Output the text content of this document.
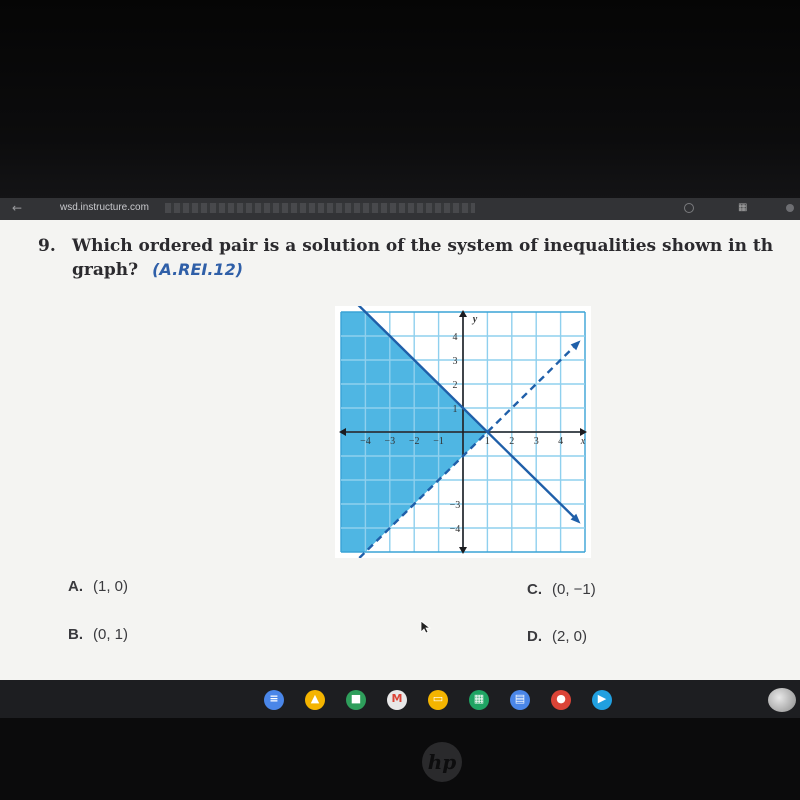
←	wsd.instructure.com	▦
9. Which ordered pair is a solution of the system of inequalities shown in th
graph? (A.REI.12)
−4 −3 −2 −1	1 2 3 4
4
3
2
1
−3
−4
x
y
A. (1, 0)
B. (0, 1)
C. (0, −1)
D. (2, 0)
≡	▲	■	M	▭	▦	▤	●	▶
hp
